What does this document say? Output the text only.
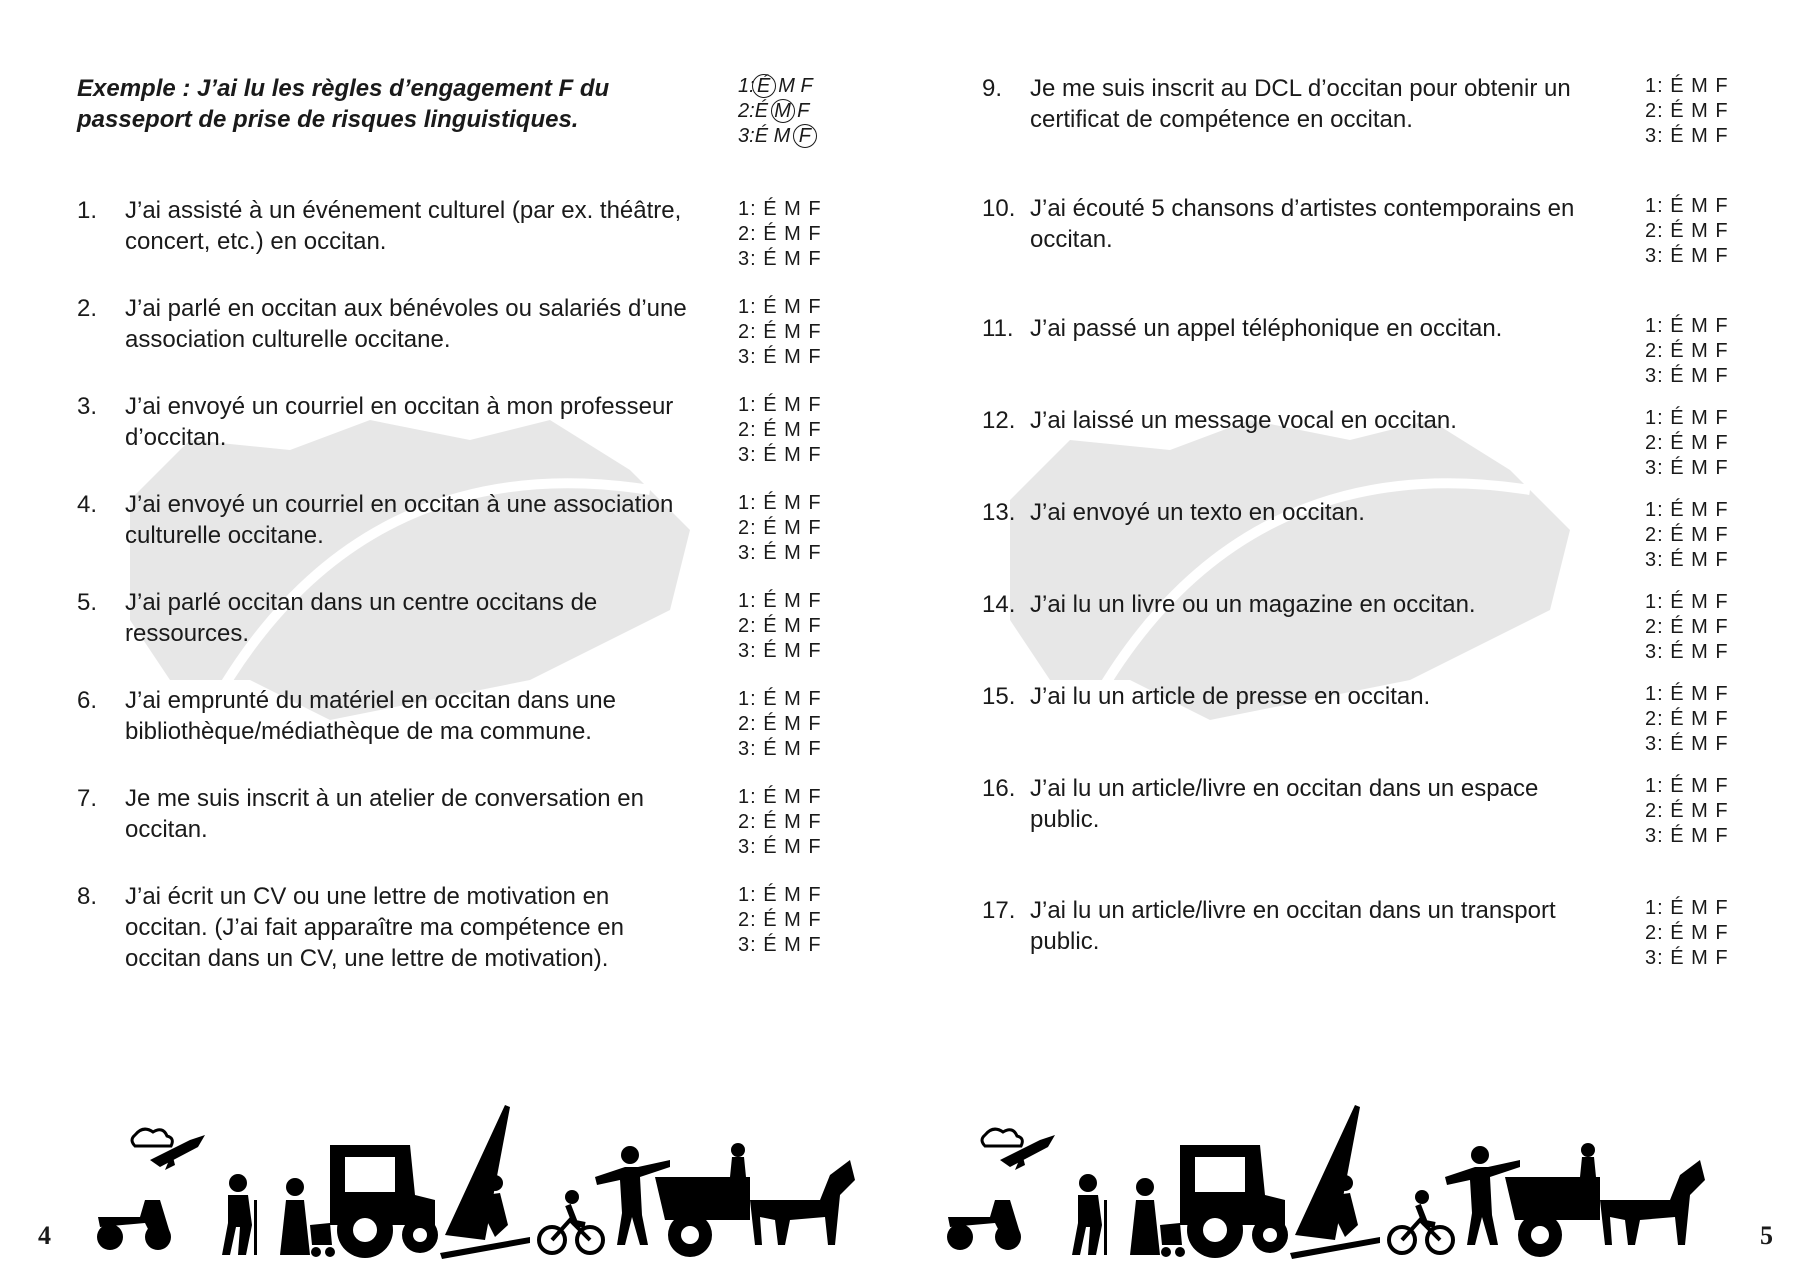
Exemple : J’ai lu les règles d’engagement F du passeport de prise de risques linguistiques.
1: É M F
2:É M F
3:É M F
1. J’ai assisté à un événement culturel (par ex. théâtre, concert, etc.) en occitan.
1: É M F
2: É M F
3: É M F
2. J’ai parlé en occitan aux bénévoles ou salariés d’une association culturelle occitane.
1: É M F
2: É M F
3: É M F
3. J’ai envoyé un courriel en occitan à mon professeur d’occitan.
1: É M F
2: É M F
3: É M F
4. J’ai envoyé un courriel en occitan à une association culturelle occitane.
1: É M F
2: É M F
3: É M F
5. J’ai parlé occitan dans un centre occitans de ressources.
1: É M F
2: É M F
3: É M F
6. J’ai emprunté du matériel en occitan dans une bibliothèque/médiathèque de ma commune.
1: É M F
2: É M F
3: É M F
7. Je me suis inscrit à un atelier de conversation en occitan.
1: É M F
2: É M F
3: É M F
8. J’ai écrit un CV ou une lettre de motivation en occitan. (J’ai fait apparaître ma compétence en occitan dans un CV, une lettre de motivation).
1: É M F
2: É M F
3: É M F
4
9. Je me suis inscrit au DCL d’occitan pour obtenir un certificat de compétence en occitan.
1: É M F
2: É M F
3: É M F
10. J’ai écouté 5 chansons d’artistes contemporains en occitan.
1: É M F
2: É M F
3: É M F
11. J’ai passé un appel téléphonique en occitan.	1: É M F
2: É M F
3: É M F
12. J’ai laissé un message vocal en occitan.	1: É M F
2: É M F
3: É M F
13. J’ai envoyé un texto en occitan.	1: É M F
2: É M F
3: É M F
14. J’ai lu un livre ou un magazine en occitan.	1: É M F
2: É M F
3: É M F
15. J’ai lu un article de presse en occitan.	1: É M F
2: É M F
3: É M F
16. J’ai lu un article/livre en occitan dans un espace public.
1: É M F
2: É M F
3: É M F
17. J’ai lu un article/livre en occitan dans un transport public.
1: É M F
2: É M F
3: É M F
5
